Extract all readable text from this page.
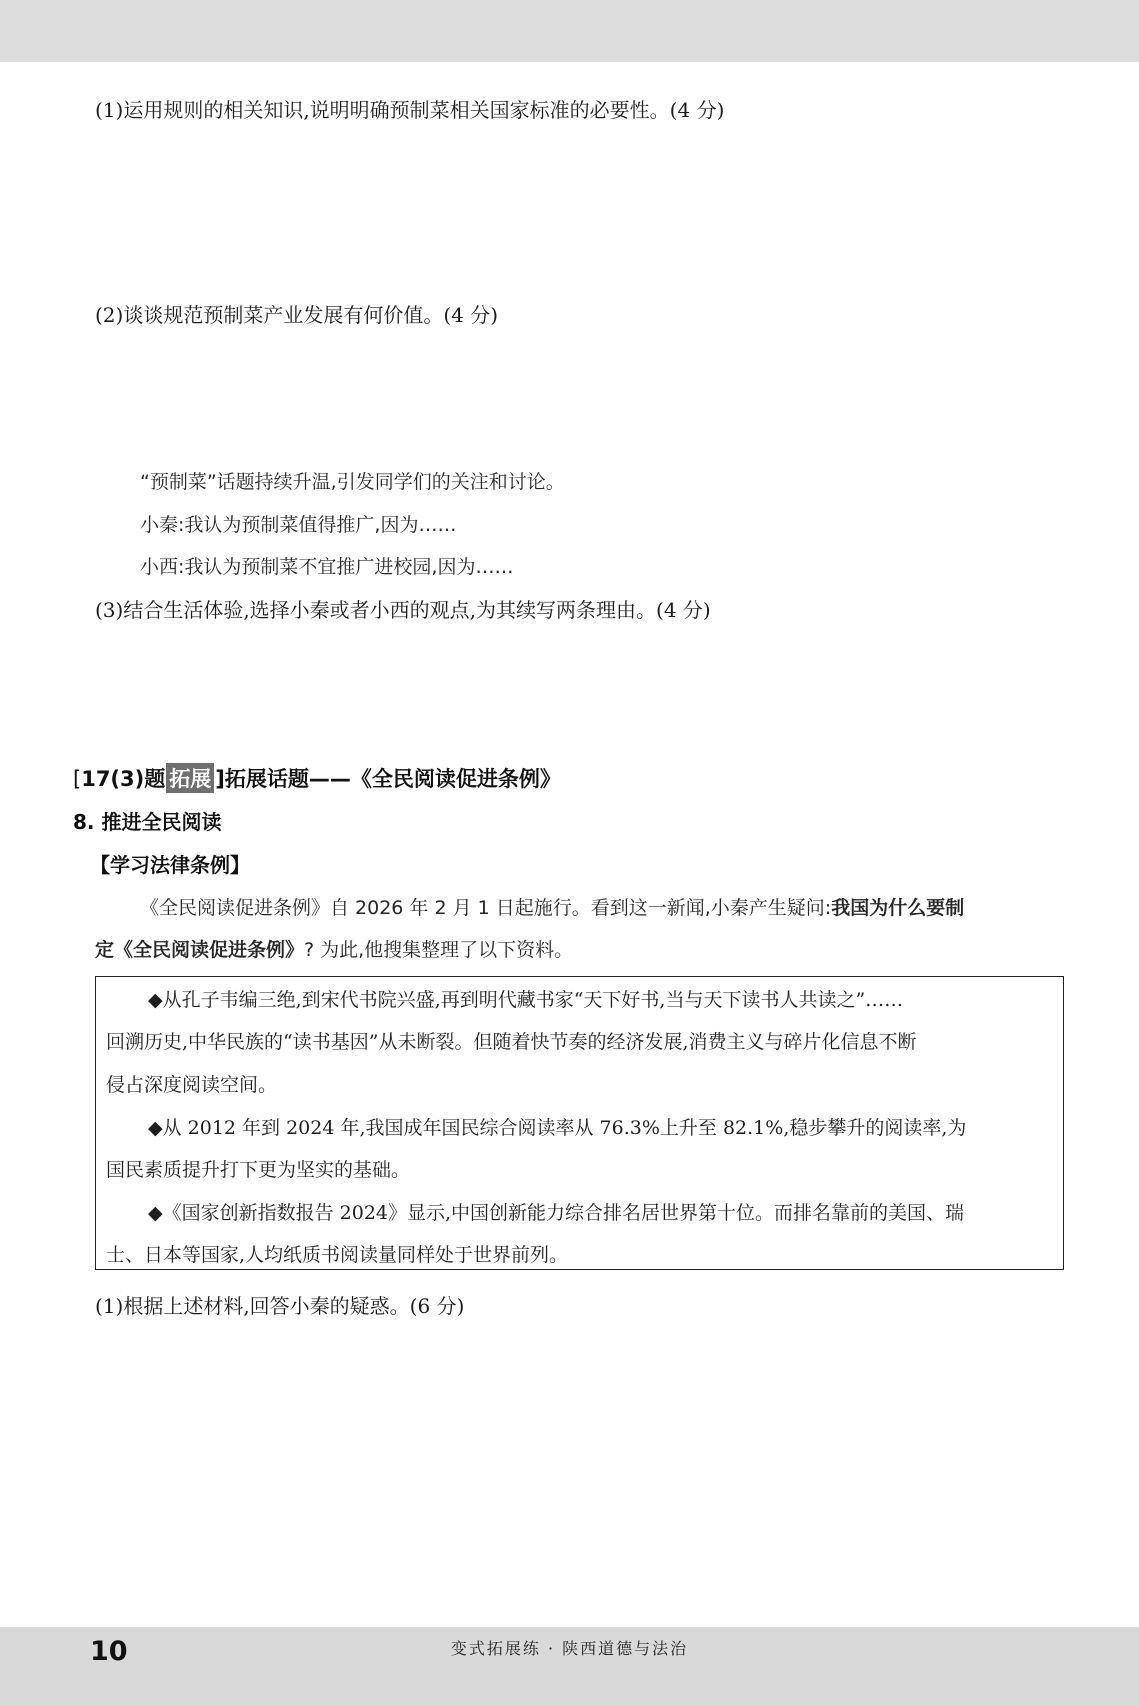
(1)运用规则的相关知识,说明明确预制菜相关国家标准的必要性。(4 分)
(2)谈谈规范预制菜产业发展有何价值。(4 分)
“预制菜”话题持续升温,引发同学们的关注和讨论。
小秦:我认为预制菜值得推广,因为……
小西:我认为预制菜不宜推广进校园,因为……
(3)结合生活体验,选择小秦或者小西的观点,为其续写两条理由。(4 分)
[17(3)题 拓展 ]拓展话题——《全民阅读促进条例》
8. 推进全民阅读
【学习法律条例】
《全民阅读促进条例》自 2026 年 2 月 1 日起施行。看到这一新闻,小秦产生疑问:我国为什么要制
定《全民阅读促进条例》? 为此,他搜集整理了以下资料。
◆从孔子韦编三绝,到宋代书院兴盛,再到明代藏书家“天下好书,当与天下读书人共读之”……
回溯历史,中华民族的“读书基因”从未断裂。但随着快节奏的经济发展,消费主义与碎片化信息不断
侵占深度阅读空间。
◆从 2012 年到 2024 年,我国成年国民综合阅读率从 76.3%上升至 82.1%,稳步攀升的阅读率,为
国民素质提升打下更为坚实的基础。
◆《国家创新指数报告 2024》显示,中国创新能力综合排名居世界第十位。而排名靠前的美国、瑞
士、日本等国家,人均纸质书阅读量同样处于世界前列。
(1)根据上述材料,回答小秦的疑惑。(6 分)
10	变式拓展练 · 陕西道德与法治
